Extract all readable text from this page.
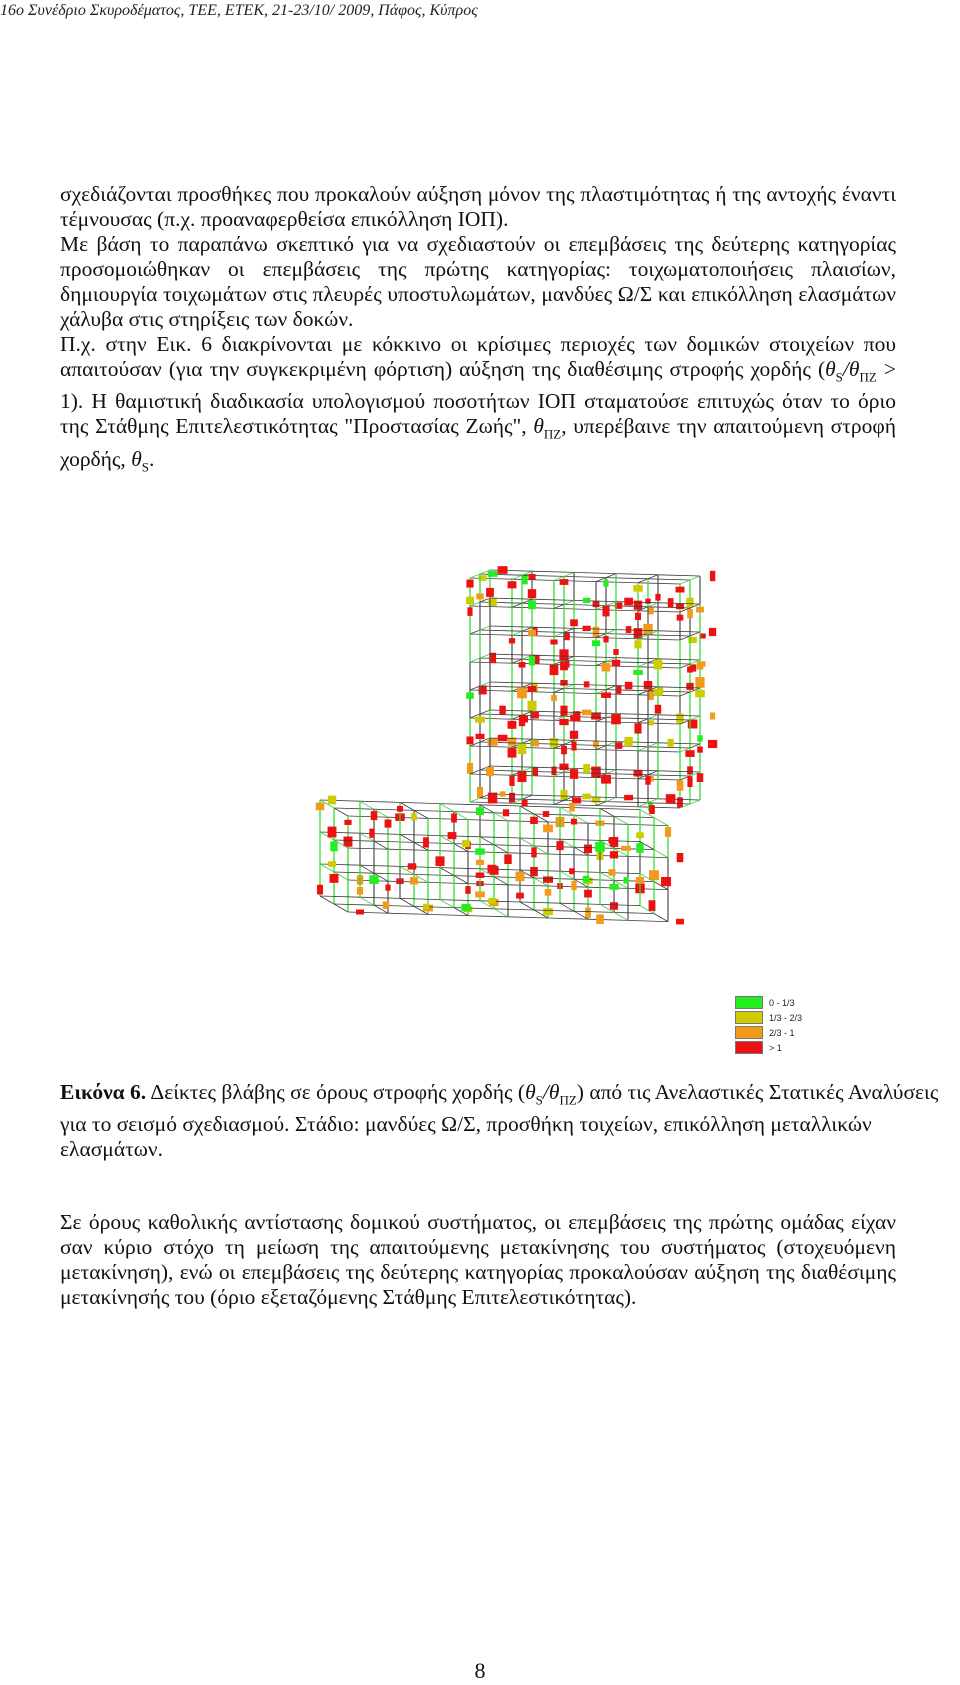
16ο Συνέδριο Σκυροδέματος, ΤΕΕ, ΕΤΕΚ, 21-23/10/ 2009, Πάφος, Κύπρος

σχεδιάζονται προσθήκες που προκαλούν αύξηση μόνον της πλαστιμότητας ή της αντοχής έναντι τέμνουσας (π.χ. προαναφερθείσα επικόλληση ΙΟΠ).

Με βάση το παραπάνω σκεπτικό για να σχεδιαστούν οι επεμβάσεις της δεύτερης κατηγορίας προσομοιώθηκαν οι επεμβάσεις της πρώτης κατηγορίας: τοιχωματοποιήσεις πλαισίων, δημιουργία τοιχωμάτων στις πλευρές υποστυλωμάτων, μανδύες Ω/Σ και επικόλληση ελασμάτων χάλυβα στις στηρίξεις των δοκών.

Π.χ. στην Εικ. 6 διακρίνονται με κόκκινο οι κρίσιμες περιοχές των δομικών στοιχείων που απαιτούσαν (για την συγκεκριμένη φόρτιση) αύξηση της διαθέσιμης στροφής χορδής $(\theta_S/\theta_{\Pi Z} > 1)$. Η θαμιστική διαδικασία υπολογισμού ποσοτήτων ΙΟΠ σταματούσε επιτυχώς όταν το όριο της Στάθμης Επιτελεστικότητας "Προστασίας Ζωής", $\theta_{\Pi Z}$, υπερέβαινε την απαιτούμενη στροφή χορδής, $\theta_S$.

0 - 1/3
1/3 - 2/3
2/3 - 1
> 1
Εικόνα 6. Δείκτες βλάβης σε όρους στροφής χορδής $(\theta_S/\theta_{\Pi Z})$ από τις Ανελαστικές Στατικές Αναλύσεις για το σεισμό σχεδιασμού. Στάδιο: μανδύες Ω/Σ, προσθήκη τοιχείων, επικόλληση μεταλλικών ελασμάτων.

Σε όρους καθολικής αντίστασης δομικού συστήματος, οι επεμβάσεις της πρώτης ομάδας είχαν σαν κύριο στόχο τη μείωση της απαιτούμενης μετακίνησης του συστήματος (στοχευόμενη μετακίνηση), ενώ οι επεμβάσεις της δεύτερης κατηγορίας προκαλούσαν αύξηση της διαθέσιμης μετακίνησής του (όριο εξεταζόμενης Στάθμης Επιτελεστικότητας).

8
